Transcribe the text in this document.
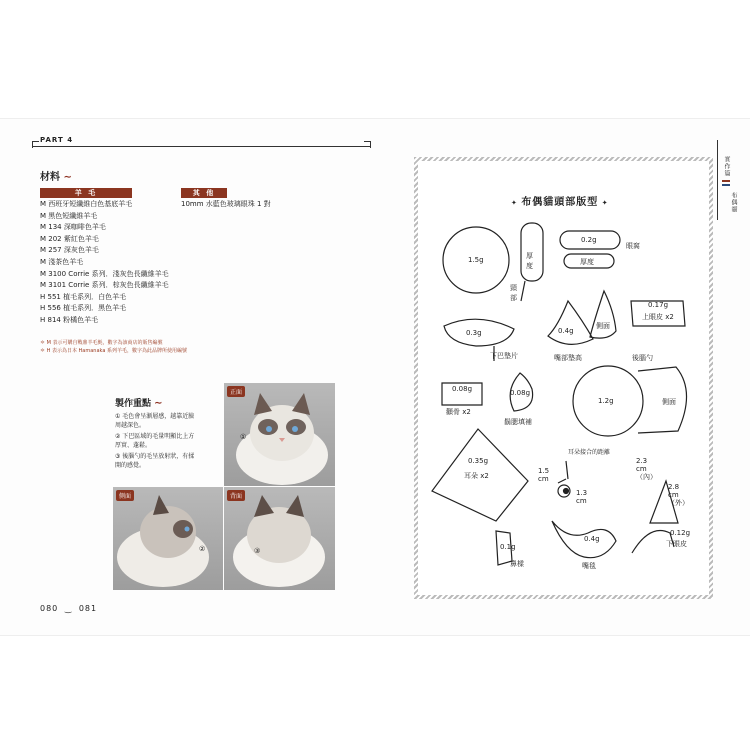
PART 4
材料 ∼
羊 毛	其 他
M 西班牙短纖維白色基底羊毛
M 黑色短纖維羊毛
M 134 深咖啡色羊毛
M 202 紫紅色羊毛
M 257 深灰色羊毛
M 淺茶色羊毛
M 3100 Corrie 系列．淺灰色長纖維羊毛
M 3101 Corrie 系列．棕灰色長纖維羊毛
H 551 植毛系列．白色羊毛
H 556 植毛系列．黑色羊毛
H 814 粉橘色羊毛
10mm 水藍色玻璃眼珠 1 對
＊ M 表示可購自戰鼎羊毛氈，數字為該商店的販售編號
＊ H 表示為日本 Hamanaka 系列羊毛，數字為此品牌所使用編號
製作重點 ∼
① 毛色會呈漸層感，越靠近臉周越深色。
② 下巴區域的毛量明顯比上方厚實、蓬鬆。
③ 後腦勺的毛呈放射狀，有揉開的感覺。
正面
①
側面
②
背面
③
080 ‿ 081
實作篇
布偶貓
✦ 布偶貓頭部版型 ✦
1.5g	厚度
頸部
0.2g
厚度
眼窩
0.3g
下巴墊片
0.4g
側面
嘴部墊高
0.17g
上眼皮 x2
後腦勺
0.08g
顴骨 x2
0.08g
鬍腮填補
1.2g	側面
0.35g
耳朵 x2
耳朵接合的距離
1.5
cm
1.3
cm
2.3
cm
（內）
2.8
cm
（外）
0.1g
鼻樑
0.4g
嘴毯
0.12g
下眼皮
